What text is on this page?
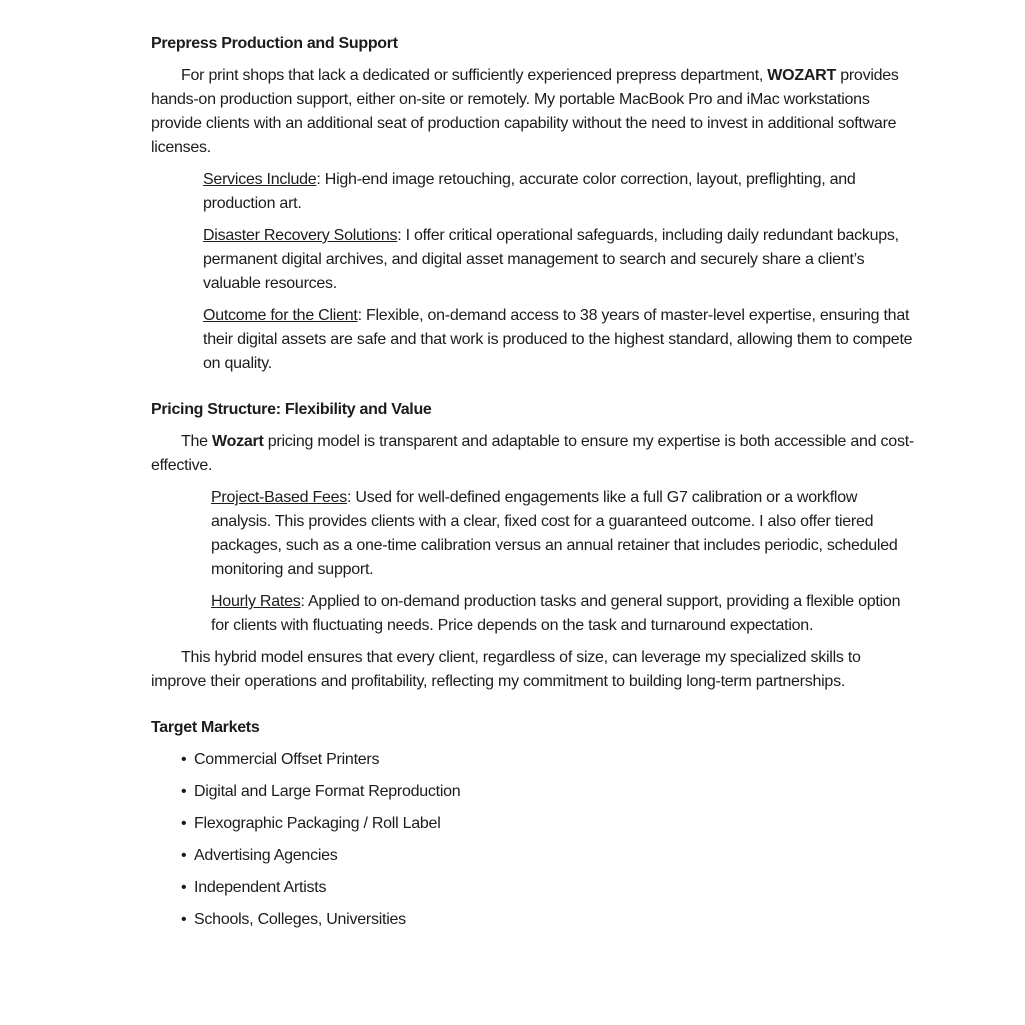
Prepress Production and Support

For print shops that lack a dedicated or sufficiently experienced prepress department, WOZART provides hands-on production support, either on-site or remotely. My portable MacBook Pro and iMac workstations provide clients with an additional seat of production capability without the need to invest in additional software licenses.

Services Include: High-end image retouching, accurate color correction, layout, preflighting, and production art.

Disaster Recovery Solutions: I offer critical operational safeguards, including daily redundant backups, permanent digital archives, and digital asset management to search and securely share a client’s valuable resources.

Outcome for the Client: Flexible, on-demand access to 38 years of master-level expertise, ensuring that their digital assets are safe and that work is produced to the highest standard, allowing them to compete on quality.

Pricing Structure: Flexibility and Value

The Wozart pricing model is transparent and adaptable to ensure my expertise is both accessible and cost-effective.

Project-Based Fees: Used for well-defined engagements like a full G7 calibration or a workflow analysis. This provides clients with a clear, fixed cost for a guaranteed outcome. I also offer tiered packages, such as a one-time calibration versus an annual retainer that includes periodic, scheduled monitoring and support.

Hourly Rates: Applied to on-demand production tasks and general support, providing a flexible option for clients with fluctuating needs. Price depends on the task and turnaround expectation.

This hybrid model ensures that every client, regardless of size, can leverage my specialized skills to improve their operations and profitability, reflecting my commitment to building long-term partnerships.

Target Markets
• Commercial Offset Printers
• Digital and Large Format Reproduction
• Flexographic Packaging / Roll Label
• Advertising Agencies
• Independent Artists
• Schools, Colleges, Universities
